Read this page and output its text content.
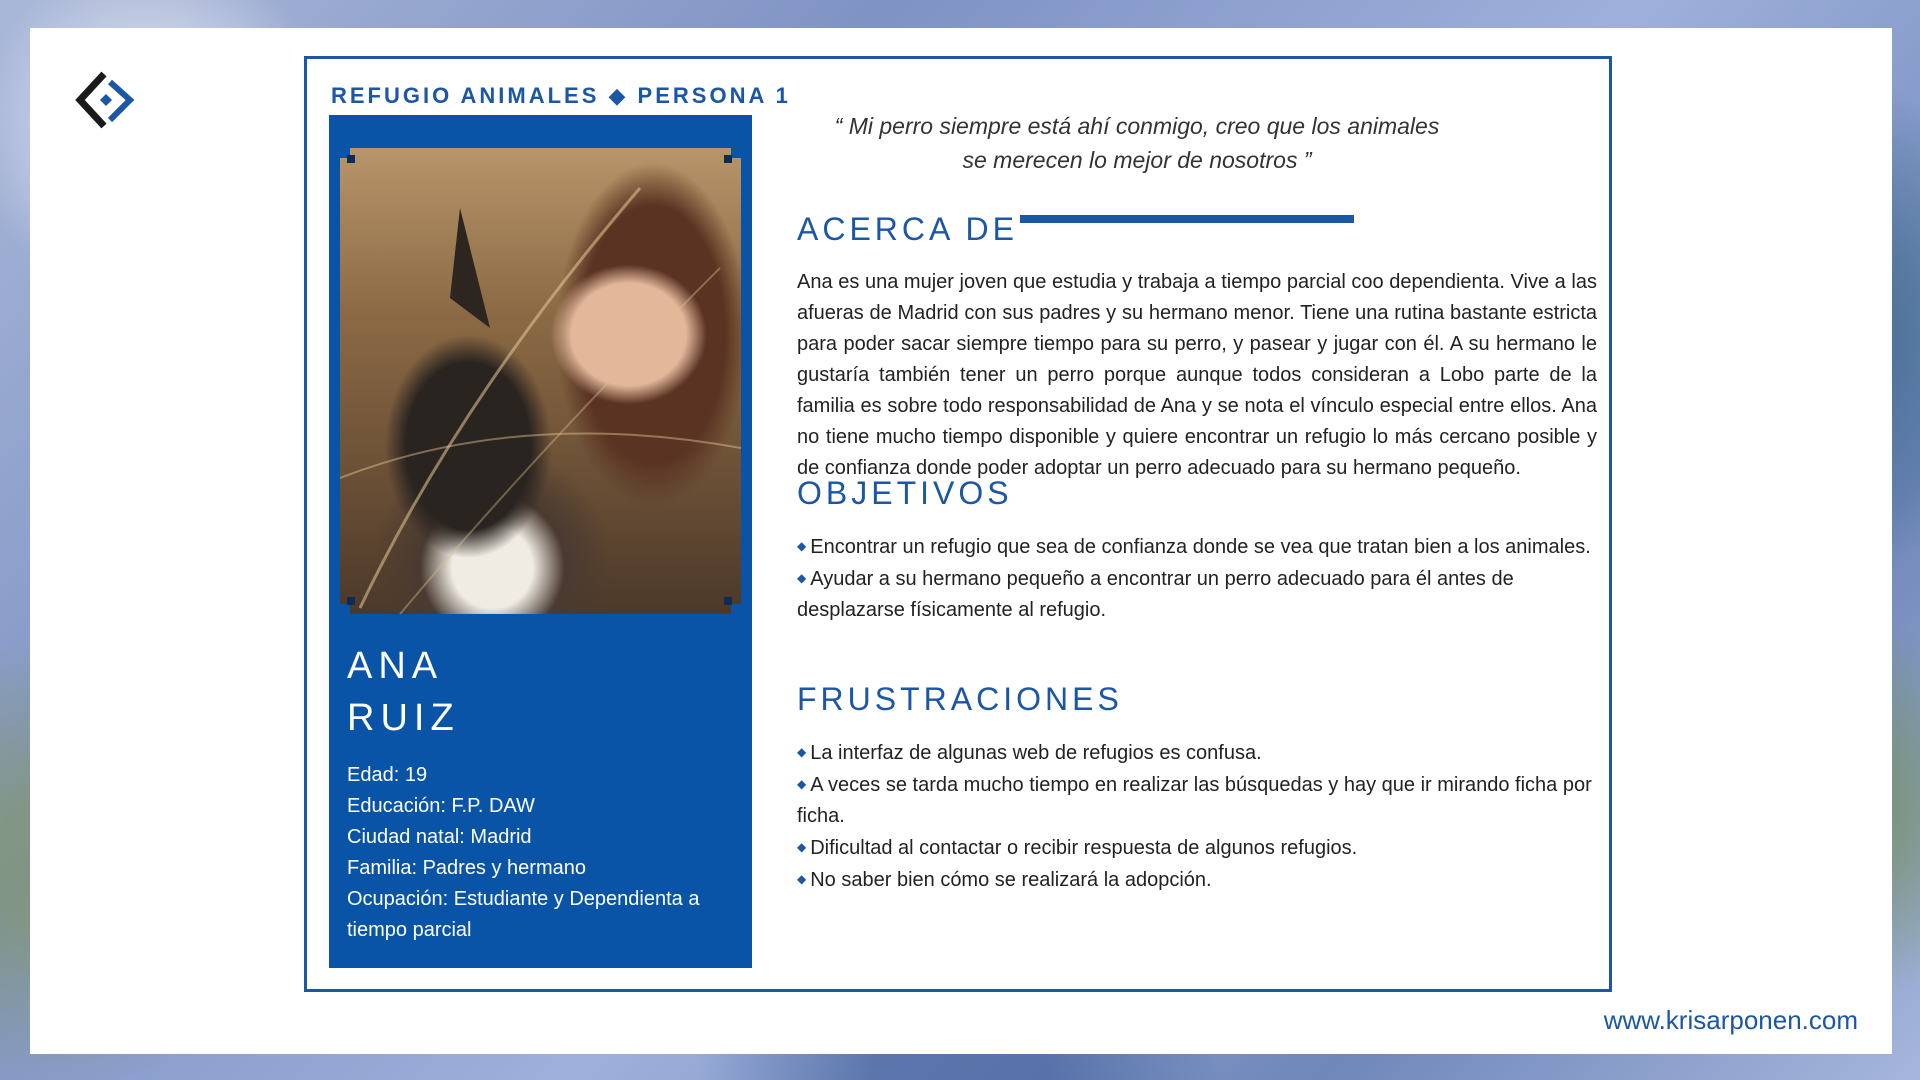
REFUGIO ANIMALES ◆ PERSONA 1
ANA
RUIZ
Edad: 19
Educación: F.P. DAW
Ciudad natal: Madrid
Familia: Padres y hermano
Ocupación: Estudiante y Dependienta a tiempo parcial
“ Mi perro siempre está ahí conmigo, creo que los animales
se merecen lo mejor de nosotros ”
ACERCA DE
Ana es una mujer joven que estudia y trabaja a tiempo parcial coo dependienta. Vive a las afueras de Madrid con sus padres y su hermano menor. Tiene una rutina bastante estricta para poder sacar siempre tiempo para su perro, y pasear y jugar con él. A su hermano le gustaría también tener un perro porque aunque todos consideran a Lobo parte de la familia es sobre todo responsabilidad de Ana y se nota el vínculo especial entre ellos. Ana no tiene mucho tiempo disponible y quiere encontrar un refugio lo más cercano posible y de confianza donde poder adoptar un perro adecuado para su hermano pequeño.
OBJETIVOS
◆ Encontrar un refugio que sea de confianza donde se vea que tratan bien a los animales.
◆ Ayudar a su hermano pequeño a encontrar un perro adecuado para él antes de desplazarse físicamente al refugio.
FRUSTRACIONES
◆ La interfaz de algunas web de refugios es confusa.
◆ A veces se tarda mucho tiempo en realizar las búsquedas y hay que ir mirando ficha por ficha.
◆ Dificultad al contactar o recibir respuesta de algunos refugios.
◆ No saber bien cómo se realizará la adopción.
www.krisarponen.com
